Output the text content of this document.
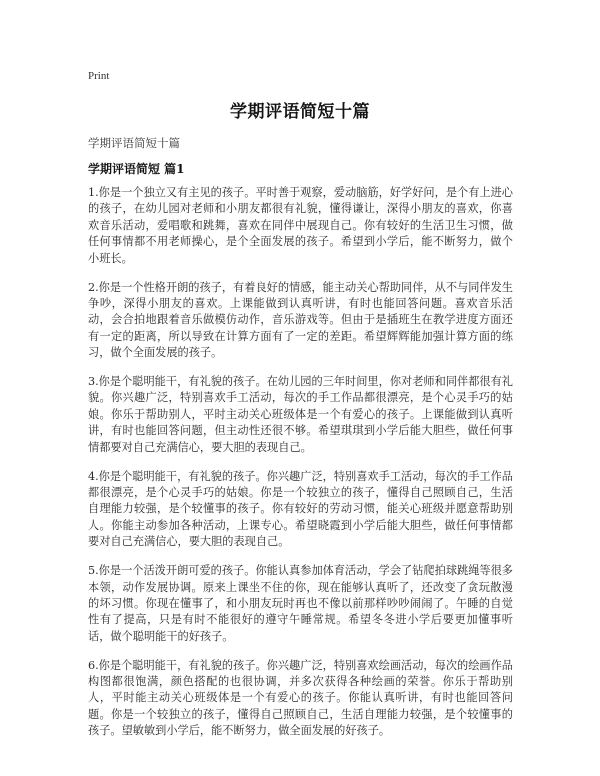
Print
学期评语简短十篇
学期评语简短十篇
学期评语简短 篇1

1.你是一个独立又有主见的孩子。平时善于观察，爱动脑筋，好学好问，是个有上进心的孩子，在幼儿园对老师和小朋友都很有礼貌，懂得谦让，深得小朋友的喜欢，你喜欢音乐活动，爱唱歌和跳舞，喜欢在同伴中展现自己。你有较好的生活卫生习惯，做任何事情都不用老师操心，是个全面发展的孩子。希望到小学后，能不断努力，做个小班长。

2.你是一个性格开朗的孩子，有着良好的情感，能主动关心帮助同伴，从不与同伴发生争吵，深得小朋友的喜欢。上课能做到认真听讲，有时也能回答问题。喜欢音乐活动，会合拍地跟着音乐做模仿动作，音乐游戏等。但由于是插班生在教学进度方面还有一定的距离，所以导致在计算方面有了一定的差距。希望辉辉能加强计算方面的练习，做个全面发展的孩子。

3.你是个聪明能干，有礼貌的孩子。在幼儿园的三年时间里，你对老师和同伴都很有礼貌。你兴趣广泛，特别喜欢手工活动，每次的手工作品都很漂亮，是个心灵手巧的姑娘。你乐于帮助别人，平时主动关心班级体是一个有爱心的孩子。上课能做到认真听讲，有时也能回答问题，但主动性还很不够。希望琪琪到小学后能大胆些，做任何事情都要对自己充满信心，要大胆的表现自己。

4.你是个聪明能干，有礼貌的孩子。你兴趣广泛，特别喜欢手工活动，每次的手工作品都很漂亮，是个心灵手巧的姑娘。你是一个较独立的孩子，懂得自己照顾自己，生活自理能力较强，是个较懂事的孩子。你有较好的劳动习惯，能关心班级并愿意帮助别人。你能主动参加各种活动，上课专心。希望晓霞到小学后能大胆些，做任何事情都要对自己充满信心，要大胆的表现自己。

5.你是一个活泼开朗可爱的孩子。你能认真参加体育活动，学会了钻爬拍球跳绳等很多本领，动作发展协调。原来上课坐不住的你，现在能够认真听了，还改变了贪玩散漫的坏习惯。你现在懂事了，和小朋友玩时再也不像以前那样吵吵闹闹了。午睡的自觉性有了提高，只是有时不能很好的遵守午睡常规。希望冬冬进小学后要更加懂事听话，做个聪明能干的好孩子。

6.你是个聪明能干，有礼貌的孩子。你兴趣广泛，特别喜欢绘画活动，每次的绘画作品构图都很饱满，颜色搭配的也很协调，并多次获得各种绘画的荣誉。你乐于帮助别人，平时能主动关心班级体是一个有爱心的孩子。你能认真听讲，有时也能回答问题。你是一个较独立的孩子，懂得自己照顾自己，生活自理能力较强，是个较懂事的孩子。望敏敏到小学后，能不断努力，做全面发展的好孩子。
